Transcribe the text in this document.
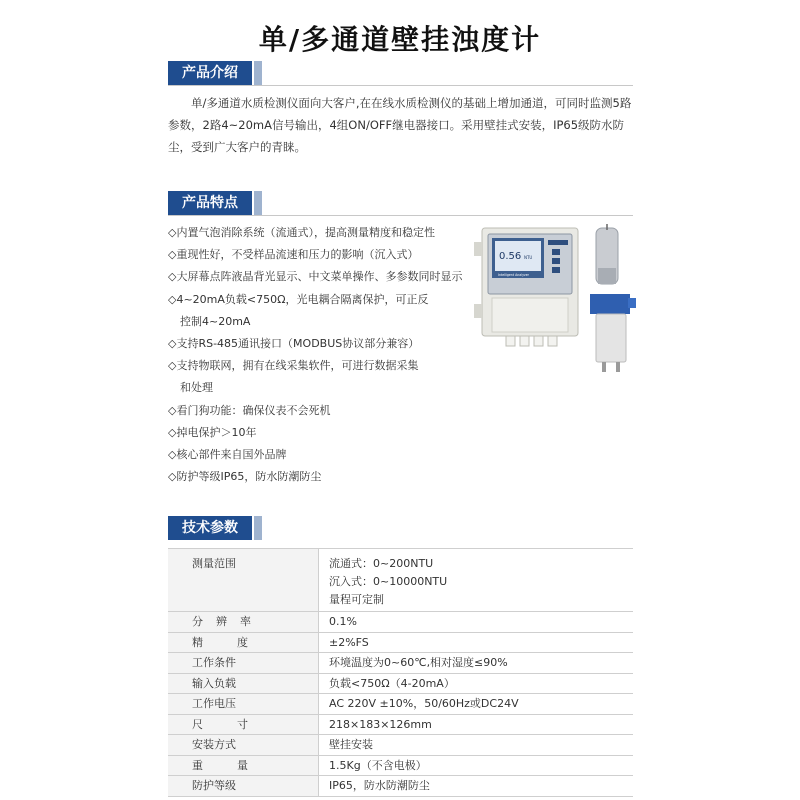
单/多通道壁挂浊度计
产品介绍
单/多通道水质检测仪面向大客户,在在线水质检测仪的基础上增加通道，可同时监测5路参数，2路4~20mA信号输出，4组ON/OFF继电器接口。采用壁挂式安装，IP65级防水防尘，受到广大客户的青睐。
产品特点
◇内置气泡消除系统（流通式），提高测量精度和稳定性
◇重现性好，不受样品流速和压力的影响（沉入式）
◇大屏幕点阵液晶背光显示、中文菜单操作、多参数同时显示
◇4~20mA负载<750Ω，光电耦合隔离保护，可正反
控制4~20mA
◇支持RS-485通讯接口（MODBUS协议部分兼容）
◇支持物联网，拥有在线采集软件，可进行数据采集
和处理
◇看门狗功能：确保仪表不会死机
◇掉电保护＞10年
◇核心部件来自国外品牌
◇防护等级IP65，防水防潮防尘
0.56 NTU
Intelligent Analyzer
技术参数
测量范围	流通式：0~200NTU
沉入式：0~10000NTU
量程可定制

分辨率	0.1%

精度	±2%FS

工作条件	环境温度为0~60℃,相对湿度≤90%

输入负载	负载<750Ω（4-20mA）

工作电压	AC 220V ±10%，50/60Hz或DC24V

尺寸	218×183×126mm

安装方式	壁挂安装

重量	1.5Kg（不含电极）

防护等级	IP65，防水防潮防尘
